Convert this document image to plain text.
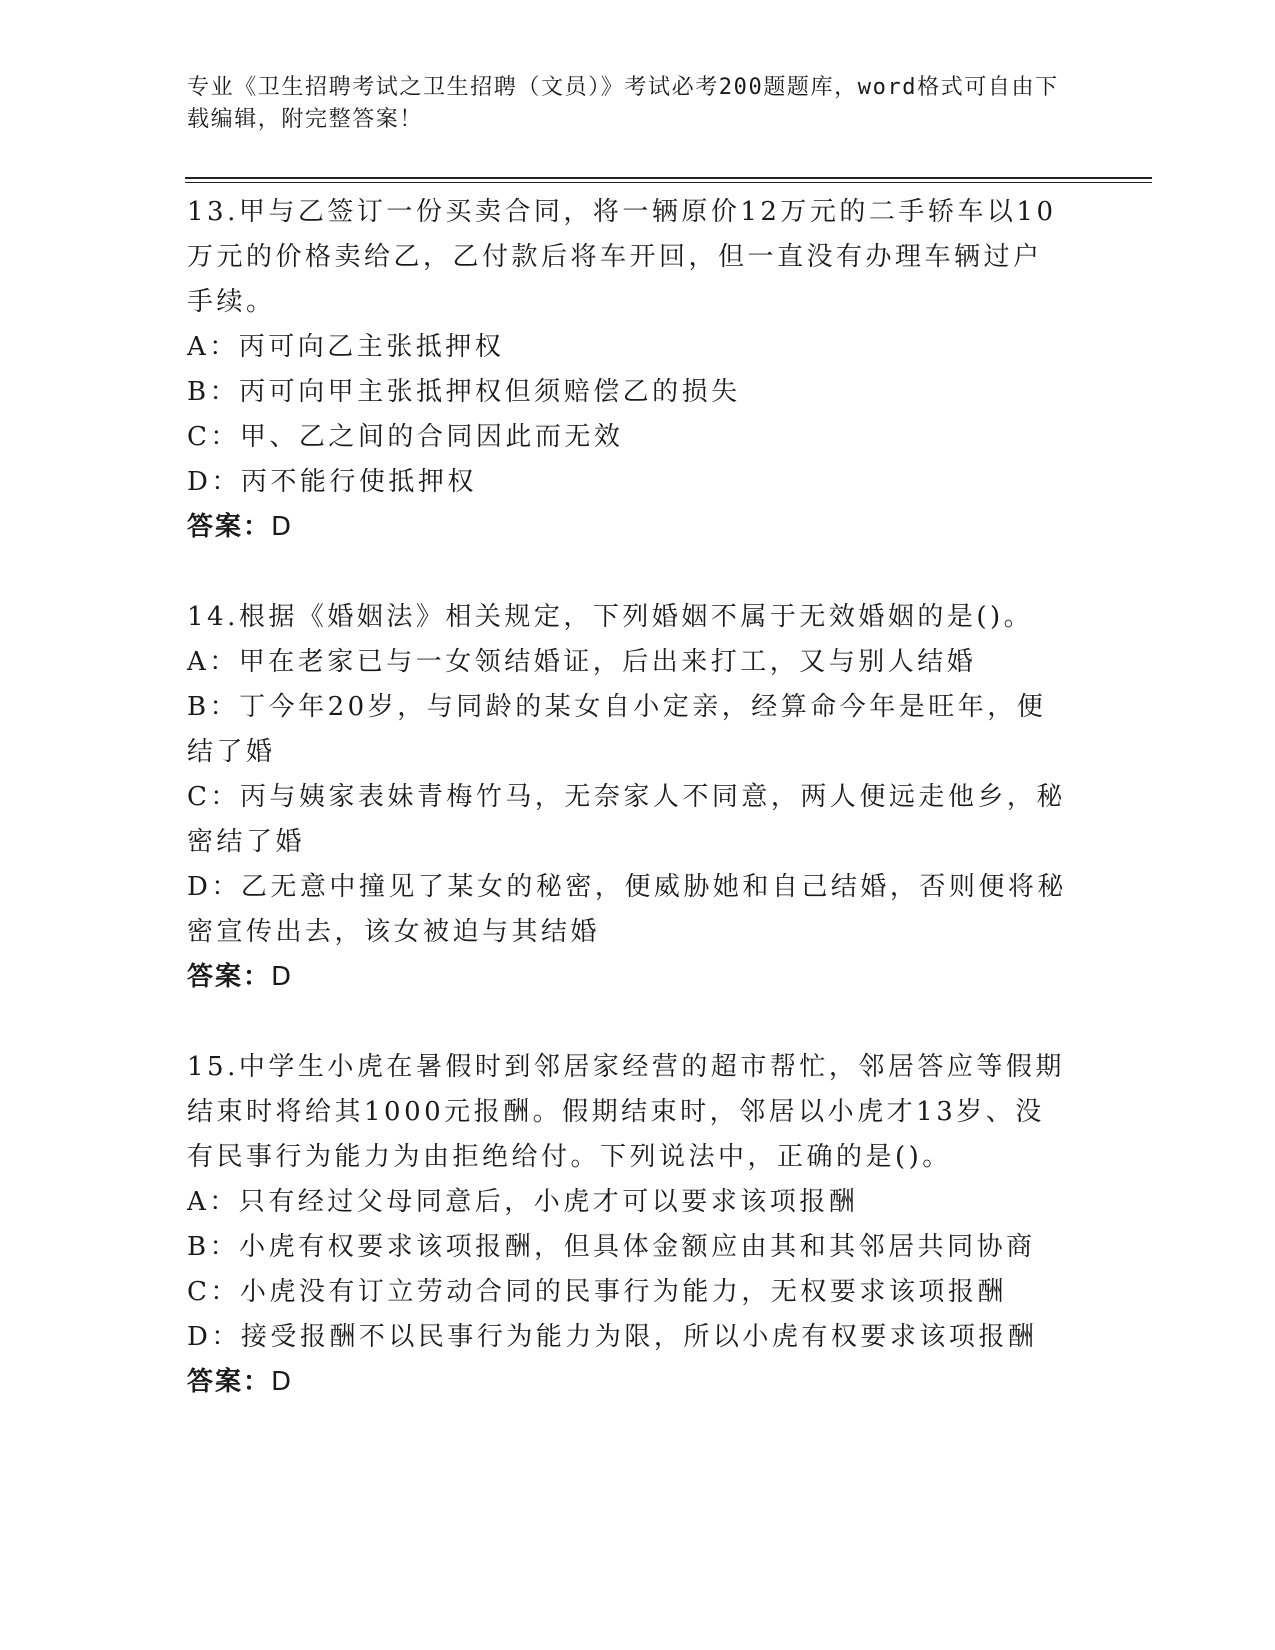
专业《卫生招聘考试之卫生招聘（文员）》考试必考200题题库，word格式可自由下载编辑，附完整答案！

13.甲与乙签订一份买卖合同，将一辆原价12万元的二手轿车以10万元的价格卖给乙，乙付款后将车开回，但一直没有办理车辆过户手续。

A：丙可向乙主张抵押权

B：丙可向甲主张抵押权但须赔偿乙的损失

C：甲、乙之间的合同因此而无效

D：丙不能行使抵押权

答案：D

14.根据《婚姻法》相关规定，下列婚姻不属于无效婚姻的是()。

A：甲在老家已与一女领结婚证，后出来打工，又与别人结婚

B：丁今年20岁，与同龄的某女自小定亲，经算命今年是旺年，便结了婚

C：丙与姨家表妹青梅竹马，无奈家人不同意，两人便远走他乡，秘密结了婚

D：乙无意中撞见了某女的秘密，便威胁她和自己结婚，否则便将秘密宣传出去，该女被迫与其结婚

答案：D

15.中学生小虎在暑假时到邻居家经营的超市帮忙，邻居答应等假期结束时将给其1000元报酬。假期结束时，邻居以小虎才13岁、没有民事行为能力为由拒绝给付。下列说法中，正确的是()。

A：只有经过父母同意后，小虎才可以要求该项报酬

B：小虎有权要求该项报酬，但具体金额应由其和其邻居共同协商

C：小虎没有订立劳动合同的民事行为能力，无权要求该项报酬

D：接受报酬不以民事行为能力为限，所以小虎有权要求该项报酬

答案：D
